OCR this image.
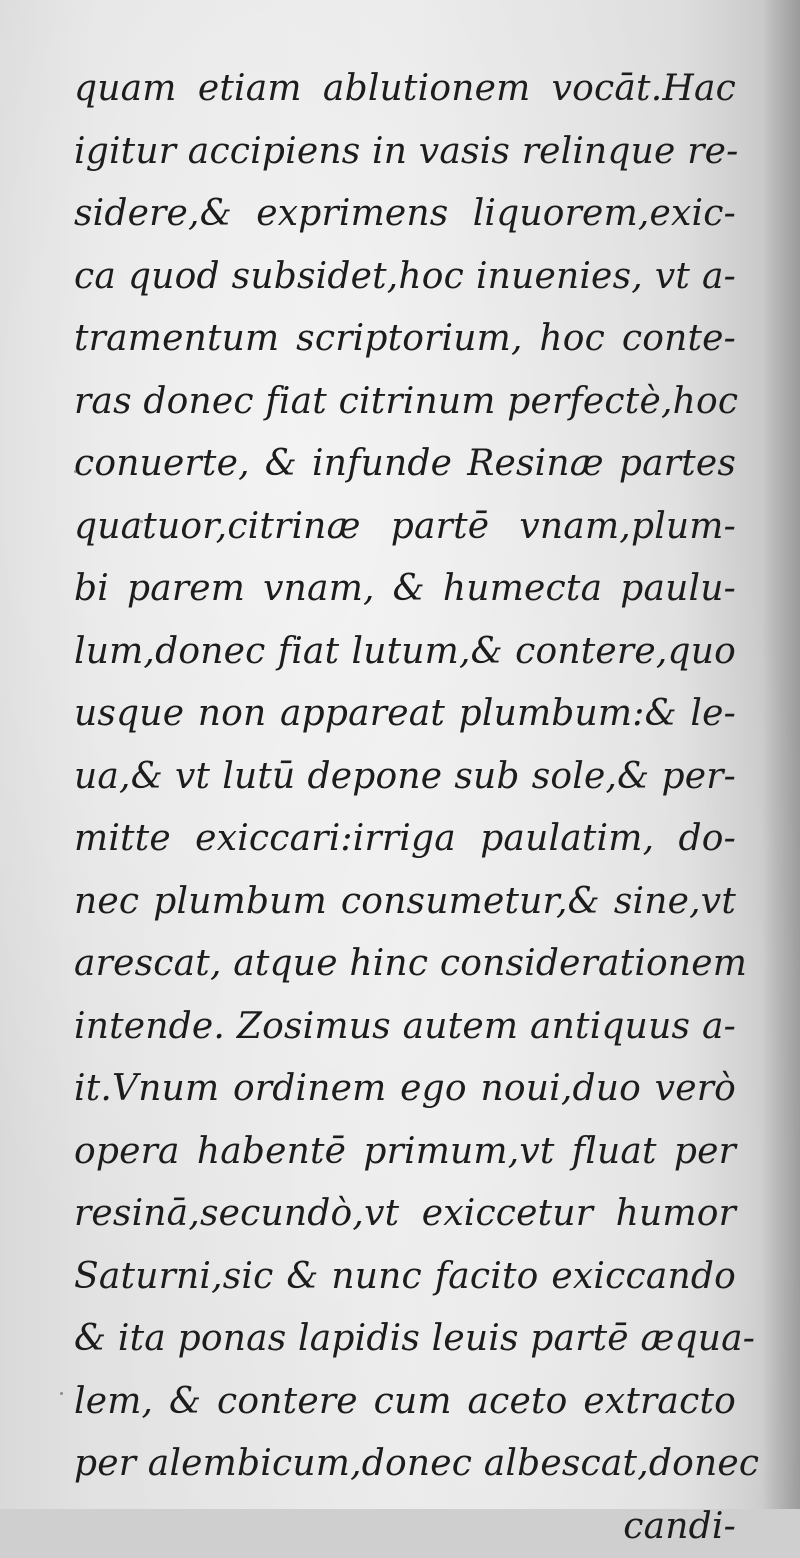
quam etiam ablutionem vocāt.Hac
igitur accipiens in vasis relinque re-
sidere,& exprimens liquorem,exic-
ca quod subsidet,hoc inuenies, vt a-
tramentum scriptorium, hoc conte-
ras donec fiat citrinum perfectè,hoc
conuerte, & infunde Resinæ partes
quatuor,citrinæ partē vnam,plum-
bi parem vnam, & humecta paulu-
lum,donec fiat lutum,& contere,quo
usque non appareat plumbum:& le-
ua,& vt lutū depone sub sole,& per-
mitte exiccari:irriga paulatim, do-
nec plumbum consumetur,& sine,vt
arescat, atque hinc considerationem
intende. Zosimus autem antiquus a-
it.Vnum ordinem ego noui,duo verò
opera habentē primum,vt fluat per
resinā,secundò,vt exiccetur humor
Saturni,sic & nunc facito exiccando
& ita ponas lapidis leuis partē æqua-
lem, & contere cum aceto extracto
per alembicum,donec albescat,donec
candi-
